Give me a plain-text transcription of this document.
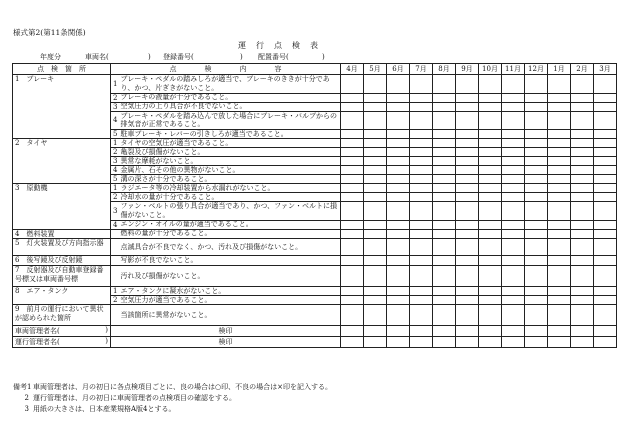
様式第2(第11条関係)
運　行　点　検　表
年度分	車両名(	) 登録番号(	) 配置番号(	)
点　検　箇　所	点　　　　検　　　　内　　　　容		4月	5月	6月	7月	8月	9月	10月	11月	12月	1月	2月	3月

1　ブレーキ	1	ブレーキ・ペダルの踏みしろが適当で、ブレーキのききが十分であり、かつ、片ぎきがないこと。												

	2	ブレーキの液量が十分であること。												

	3	空気圧力の上り具合が不良でないこと。												

	4	ブレーキ・ペダルを踏み込んで放した場合にブレーキ・バルブからの排気音が正常であること。												

	5	駐車ブレーキ・レバーの引きしろが適当であること。												

2　タイヤ	1	タイヤの空気圧が適当であること。												

	2	亀裂及び損傷がないこと。												

	3	異常な摩耗がないこと。												

	4	金属片、石その他の異物がないこと。												

	5	溝の深さが十分であること。												

3　原動機	1	ラジエータ等の冷却装置から水漏れがないこと。												

	2	冷却水の量が十分であること。												

	3	ファン・ベルトの張り具合が適当であり、かつ、ファン・ベルトに損傷がないこと。												

	4	エンジン・オイルの量が適当であること。												

4　燃料装置		燃料の量が十分であること。												

5　灯火装置及び方向指示器		点滅具合が不良でなく、かつ、汚れ及び損傷がないこと。												

6　後写鏡及び反射鏡		写影が不良でないこと。												

7　反射器及び自動車登録番号標又は車両番号標		汚れ及び損傷がないこと。												

8　エア・タンク	1	エア・タンクに凝水がないこと。												

	2	空気圧力が適当であること。												

9　前月の運行において異状が認められた箇所		当該箇所に異常がないこと。												

車両管理者名( )	検印													
運行管理者名( )	検印													
備考1 車両管理者は、月の初日に各点検項目ごとに、良の場合は○印、不良の場合は×印を記入する。
2 運行管理者は、月の初日に車両管理者の点検項目の確認をする。
3 用紙の大きさは、日本産業規格A版4とする。
